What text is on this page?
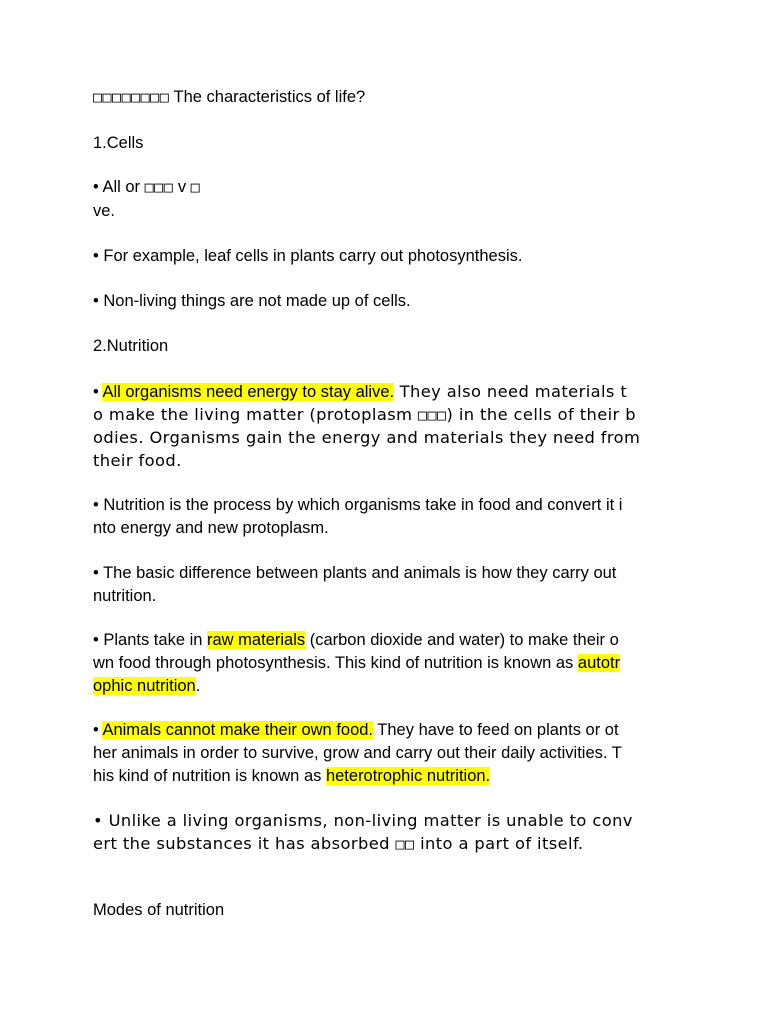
□□□□□□□□ The characteristics of life?
1.Cells
• All or □□□ v □
ve.
• For example, leaf cells in plants carry out photosynthesis.
• Non-living things are not made up of cells.
2.Nutrition
• All organisms need energy to stay alive. They also need materials t
o make the living matter (protoplasm □□□) in the cells of their b
odies. Organisms gain the energy and materials they need from
their food.
• Nutrition is the process by which organisms take in food and convert it i
nto energy and new protoplasm.
• The basic difference between plants and animals is how they carry out
nutrition.
• Plants take in raw materials (carbon dioxide and water) to make their o
wn food through photosynthesis. This kind of nutrition is known as autotr
ophic nutrition.
• Animals cannot make their own food. They have to feed on plants or ot
her animals in order to survive, grow and carry out their daily activities. T
his kind of nutrition is known as heterotrophic nutrition.
• Unlike a living organisms, non-living matter is unable to conv
ert the substances it has absorbed □□ into a part of itself.
Modes of nutrition
